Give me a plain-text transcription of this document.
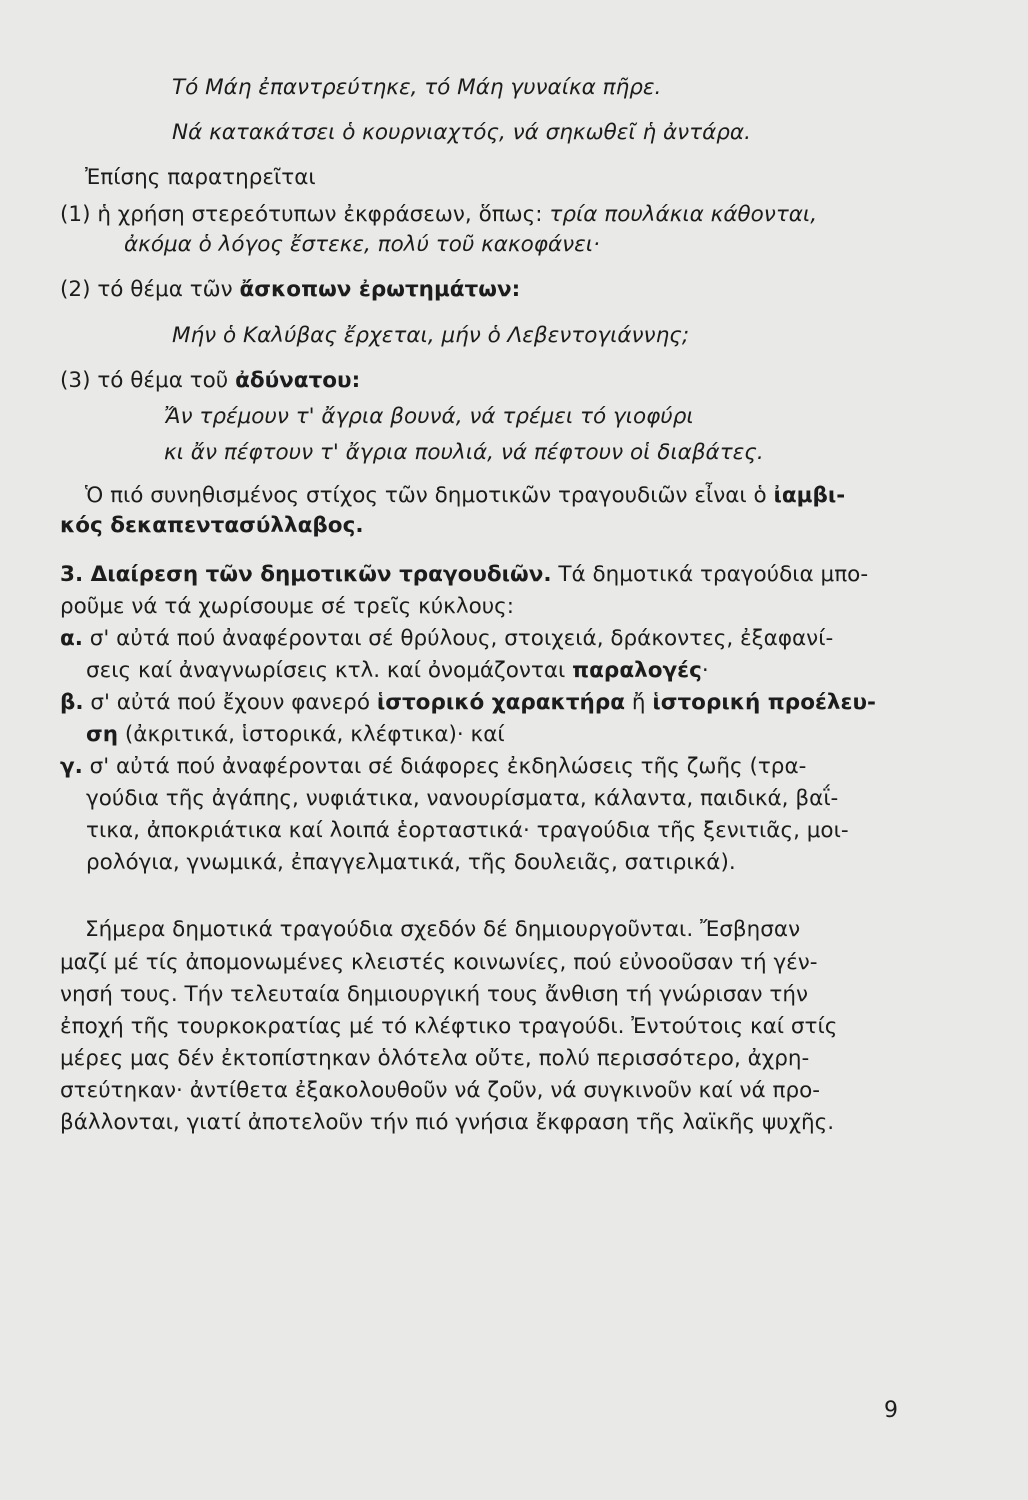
Τό Μάη ἐπαντρεύτηκε, τό Μάη γυναίκα πῆρε.
Νά κατακάτσει ὁ κουρνιαχτός, νά σηκωθεῖ ἡ ἀντάρα.
Ἐπίσης παρατηρεῖται
(1) ἡ χρήση στερεότυπων ἐκφράσεων, ὅπως: τρία πουλάκια κάθονται,
ἀκόμα ὁ λόγος ἔστεκε, πολύ τοῦ κακοφάνει·
(2) τό θέμα τῶν ἄσκοπων ἐρωτημάτων:
Μήν ὁ Καλύβας ἔρχεται, μήν ὁ Λεβεντογιάννης;
(3) τό θέμα τοῦ ἀδύνατου:
Ἄν τρέμουν τ' ἄγρια βουνά, νά τρέμει τό γιοφύρι
κι ἄν πέφτουν τ' ἄγρια πουλιά, νά πέφτουν οἱ διαβάτες.
Ὁ πιό συνηθισμένος στίχος τῶν δημοτικῶν τραγουδιῶν εἶναι ὁ ἰαμβι-
κός δεκαπεντασύλλαβος.
3. Διαίρεση τῶν δημοτικῶν τραγουδιῶν. Τά δημοτικά τραγούδια μπο-
ροῦμε νά τά χωρίσουμε σέ τρεῖς κύκλους:
α. σ' αὐτά πού ἀναφέρονται σέ θρύλους, στοιχειά, δράκοντες, ἐξαφανί-
σεις καί ἀναγνωρίσεις κτλ. καί ὀνομάζονται παραλογές·
β. σ' αὐτά πού ἔχουν φανερό ἱστορικό χαρακτήρα ἤ ἱστορική προέλευ-
ση (ἀκριτικά, ἱστορικά, κλέφτικα)· καί
γ. σ' αὐτά πού ἀναφέρονται σέ διάφορες ἐκδηλώσεις τῆς ζωῆς (τρα-
γούδια τῆς ἀγάπης, νυφιάτικα, νανουρίσματα, κάλαντα, παιδικά, βαΐ-
τικα, ἀποκριάτικα καί λοιπά ἑορταστικά· τραγούδια τῆς ξενιτιᾶς, μοι-
ρολόγια, γνωμικά, ἐπαγγελματικά, τῆς δουλειᾶς, σατιρικά).
Σήμερα δημοτικά τραγούδια σχεδόν δέ δημιουργοῦνται. Ἔσβησαν
μαζί μέ τίς ἀπομονωμένες κλειστές κοινωνίες, πού εὐνοοῦσαν τή γέν-
νησή τους. Τήν τελευταία δημιουργική τους ἄνθιση τή γνώρισαν τήν
ἐποχή τῆς τουρκοκρατίας μέ τό κλέφτικο τραγούδι. Ἐντούτοις καί στίς
μέρες μας δέν ἐκτοπίστηκαν ὁλότελα οὔτε, πολύ περισσότερο, ἀχρη-
στεύτηκαν· ἀντίθετα ἐξακολουθοῦν νά ζοῦν, νά συγκινοῦν καί νά προ-
βάλλονται, γιατί ἀποτελοῦν τήν πιό γνήσια ἔκφραση τῆς λαϊκῆς ψυχῆς.
9
